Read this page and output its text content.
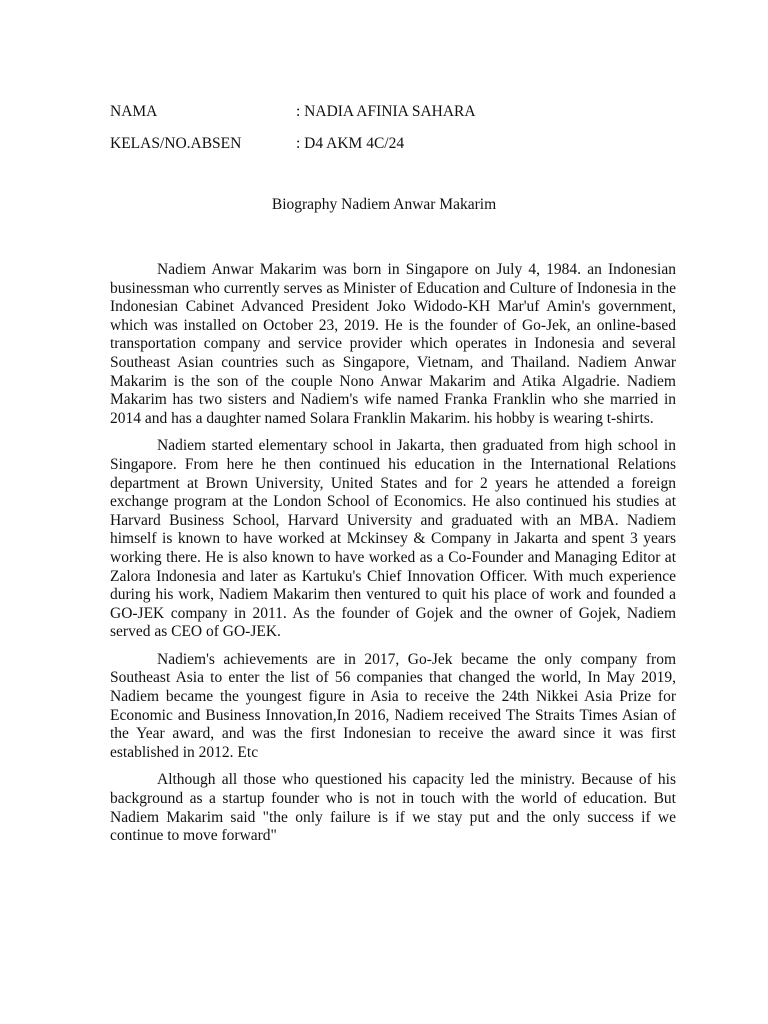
NAMA	: NADIA AFINIA SAHARA
KELAS/NO.ABSEN	: D4 AKM 4C/24
Biography Nadiem Anwar Makarim

Nadiem Anwar Makarim was born in Singapore on July 4, 1984. an Indonesian businessman who currently serves as Minister of Education and Culture of Indonesia in the Indonesian Cabinet Advanced President Joko Widodo-KH Mar'uf Amin's government, which was installed on October 23, 2019. He is the founder of Go-Jek, an online-based transportation company and service provider which operates in Indonesia and several Southeast Asian countries such as Singapore, Vietnam, and Thailand. Nadiem Anwar Makarim is the son of the couple Nono Anwar Makarim and Atika Algadrie. Nadiem Makarim has two sisters and Nadiem's wife named Franka Franklin who she married in 2014 and has a daughter named Solara Franklin Makarim. his hobby is wearing t-shirts.

Nadiem started elementary school in Jakarta, then graduated from high school in Singapore. From here he then continued his education in the International Relations department at Brown University, United States and for 2 years he attended a foreign exchange program at the London School of Economics. He also continued his studies at Harvard Business School, Harvard University and graduated with an MBA. Nadiem himself is known to have worked at Mckinsey & Company in Jakarta and spent 3 years working there. He is also known to have worked as a Co-Founder and Managing Editor at Zalora Indonesia and later as Kartuku's Chief Innovation Officer. With much experience during his work, Nadiem Makarim then ventured to quit his place of work and founded a GO-JEK company in 2011. As the founder of Gojek and the owner of Gojek, Nadiem served as CEO of GO-JEK.

Nadiem's achievements are in 2017, Go-Jek became the only company from Southeast Asia to enter the list of 56 companies that changed the world, In May 2019, Nadiem became the youngest figure in Asia to receive the 24th Nikkei Asia Prize for Economic and Business Innovation,In 2016, Nadiem received The Straits Times Asian of the Year award, and was the first Indonesian to receive the award since it was first established in 2012. Etc

Although all those who questioned his capacity led the ministry. Because of his background as a startup founder who is not in touch with the world of education. But Nadiem Makarim said "the only failure is if we stay put and the only success if we continue to move forward"
